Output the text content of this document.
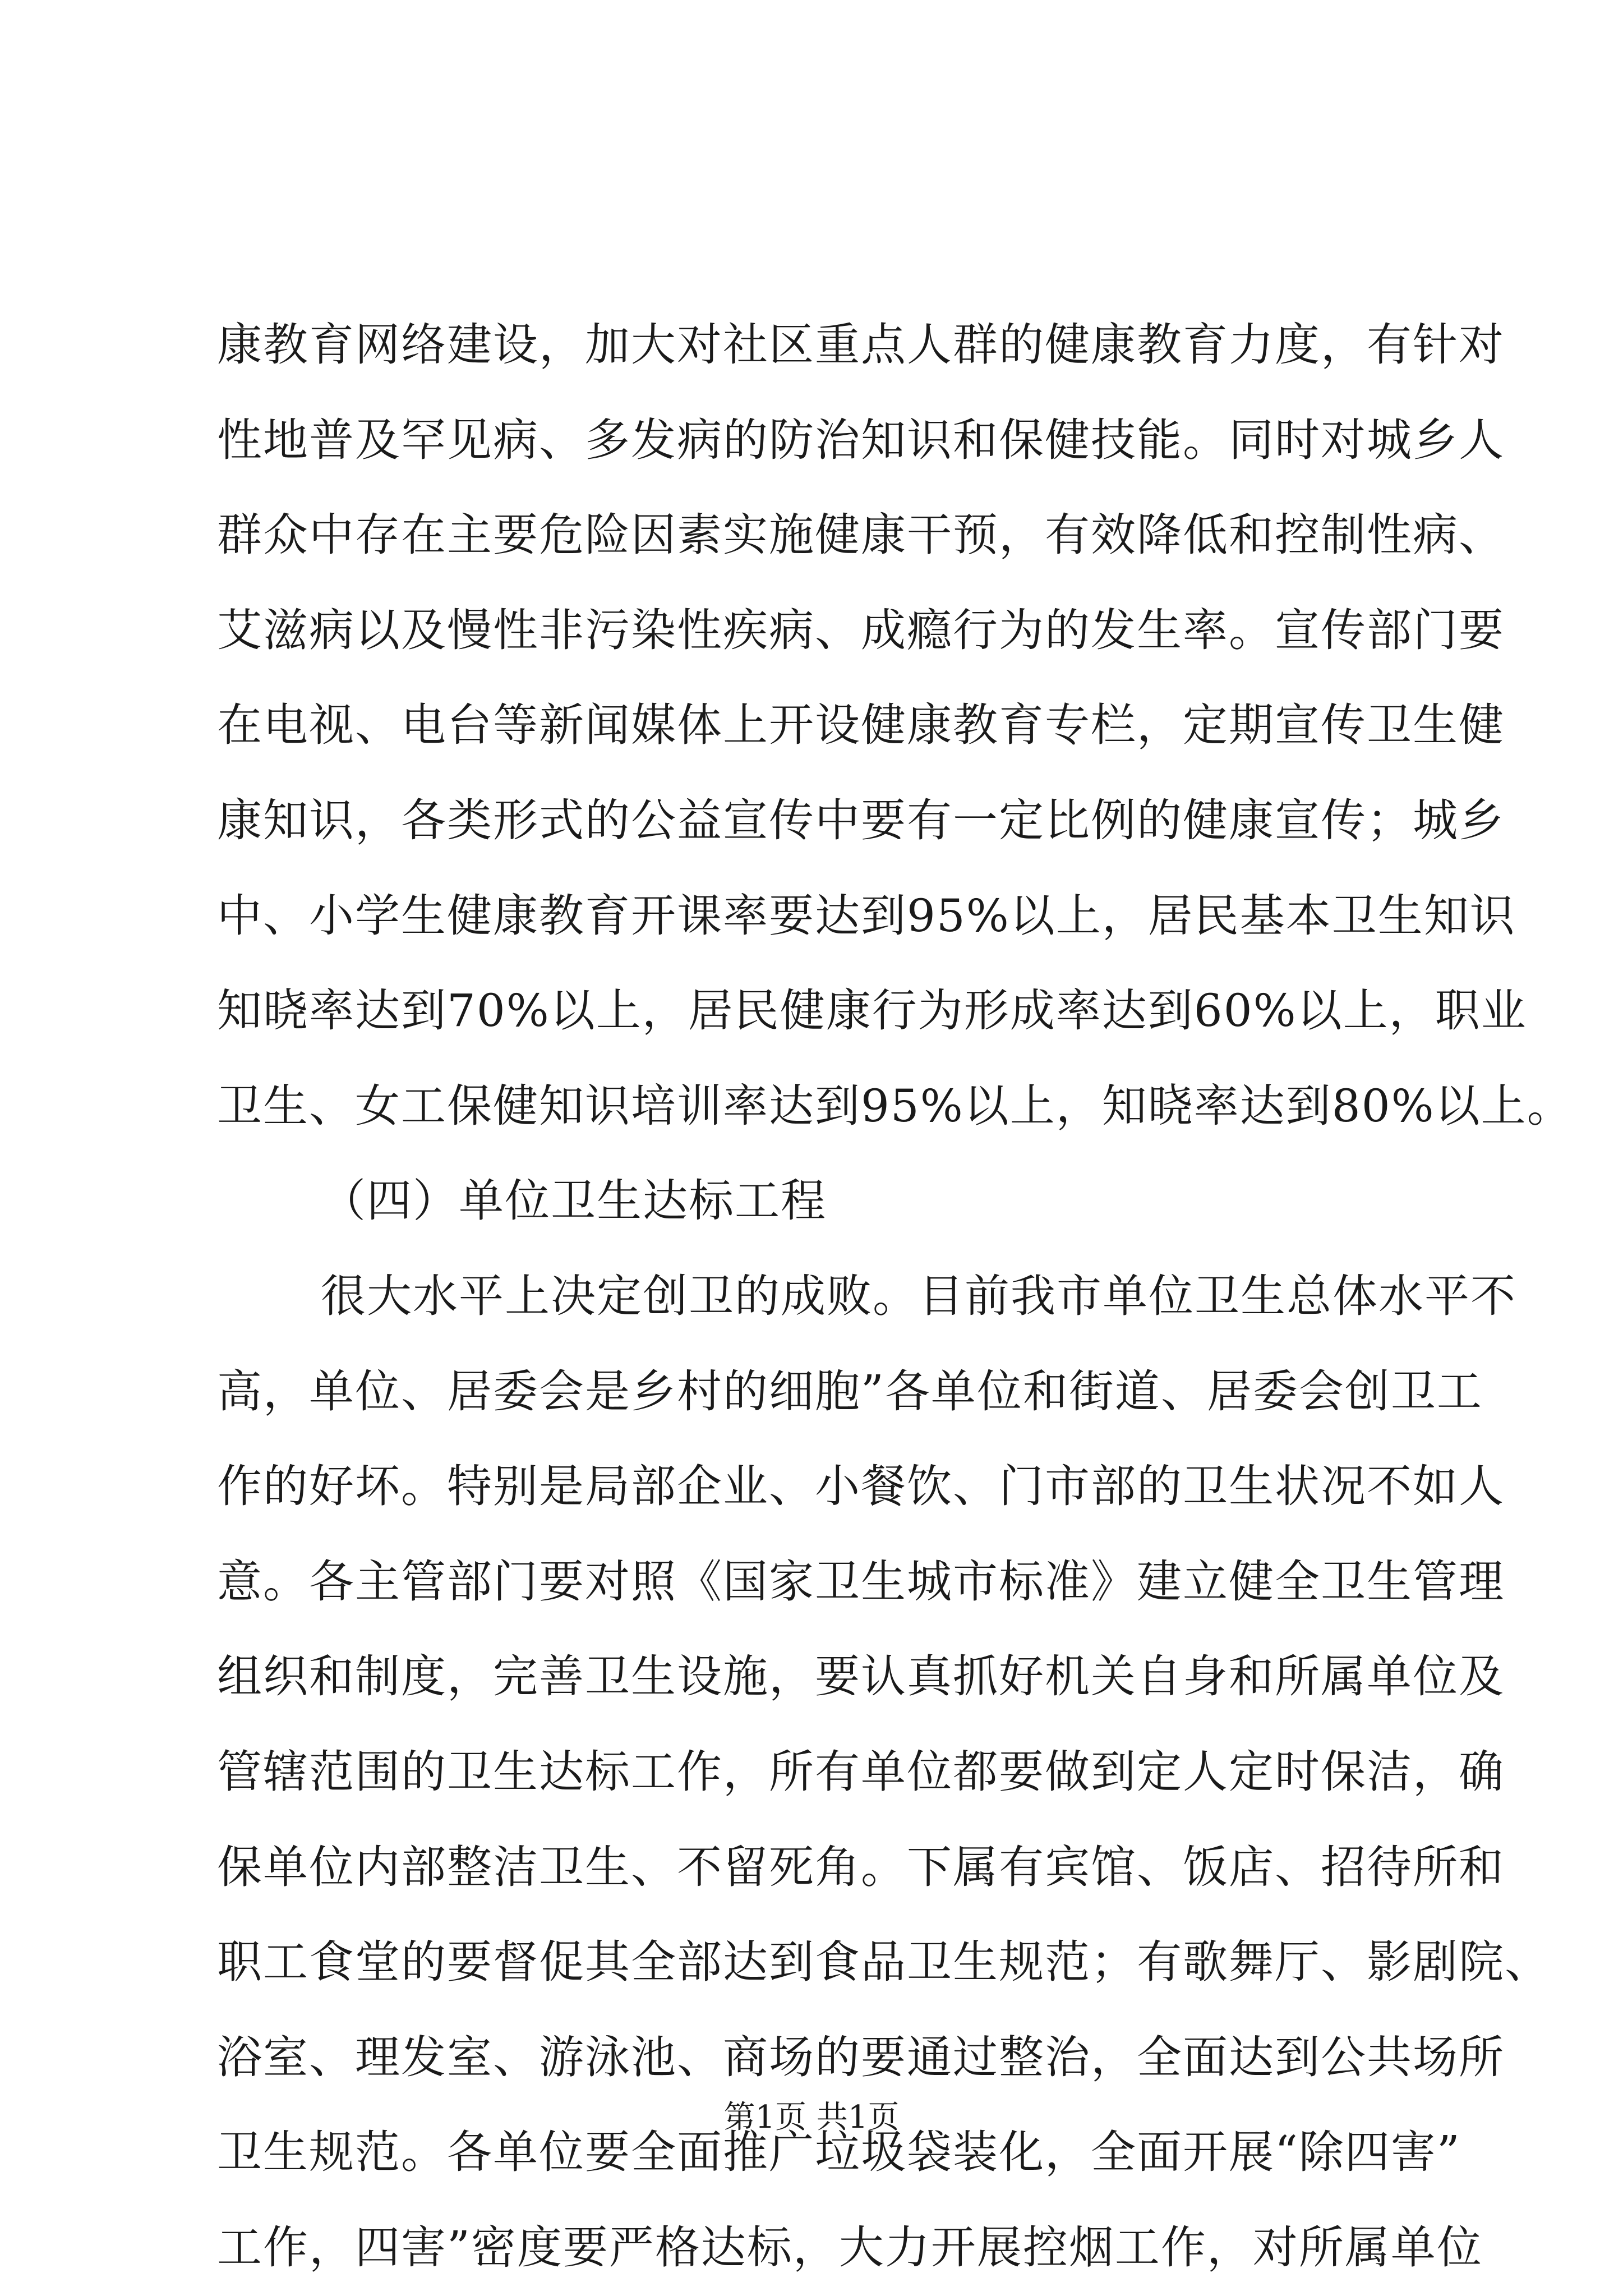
康教育网络建设，加大对社区重点人群的健康教育力度，有针对
性地普及罕见病、多发病的防治知识和保健技能。同时对城乡人
群众中存在主要危险因素实施健康干预，有效降低和控制性病、
艾滋病以及慢性非污染性疾病、成瘾行为的发生率。宣传部门要
在电视、电台等新闻媒体上开设健康教育专栏，定期宣传卫生健
康知识，各类形式的公益宣传中要有一定比例的健康宣传；城乡
中、小学生健康教育开课率要达到95%以上，居民基本卫生知识
知晓率达到70%以上，居民健康行为形成率达到60%以上，职业
卫生、女工保健知识培训率达到95%以上，知晓率达到80%以上。
（四）单位卫生达标工程
很大水平上决定创卫的成败。目前我市单位卫生总体水平不
高，单位、居委会是乡村的细胞”各单位和街道、居委会创卫工
作的好坏。特别是局部企业、小餐饮、门市部的卫生状况不如人
意。各主管部门要对照《国家卫生城市标准》建立健全卫生管理
组织和制度，完善卫生设施，要认真抓好机关自身和所属单位及
管辖范围的卫生达标工作，所有单位都要做到定人定时保洁，确
保单位内部整洁卫生、不留死角。下属有宾馆、饭店、招待所和
职工食堂的要督促其全部达到食品卫生规范；有歌舞厅、影剧院、
浴室、理发室、游泳池、商场的要通过整治，全面达到公共场所
卫生规范。各单位要全面推广垃圾袋装化，全面开展“除四害”
工作，四害”密度要严格达标，大力开展控烟工作，对所属单位
第1页 共1页
